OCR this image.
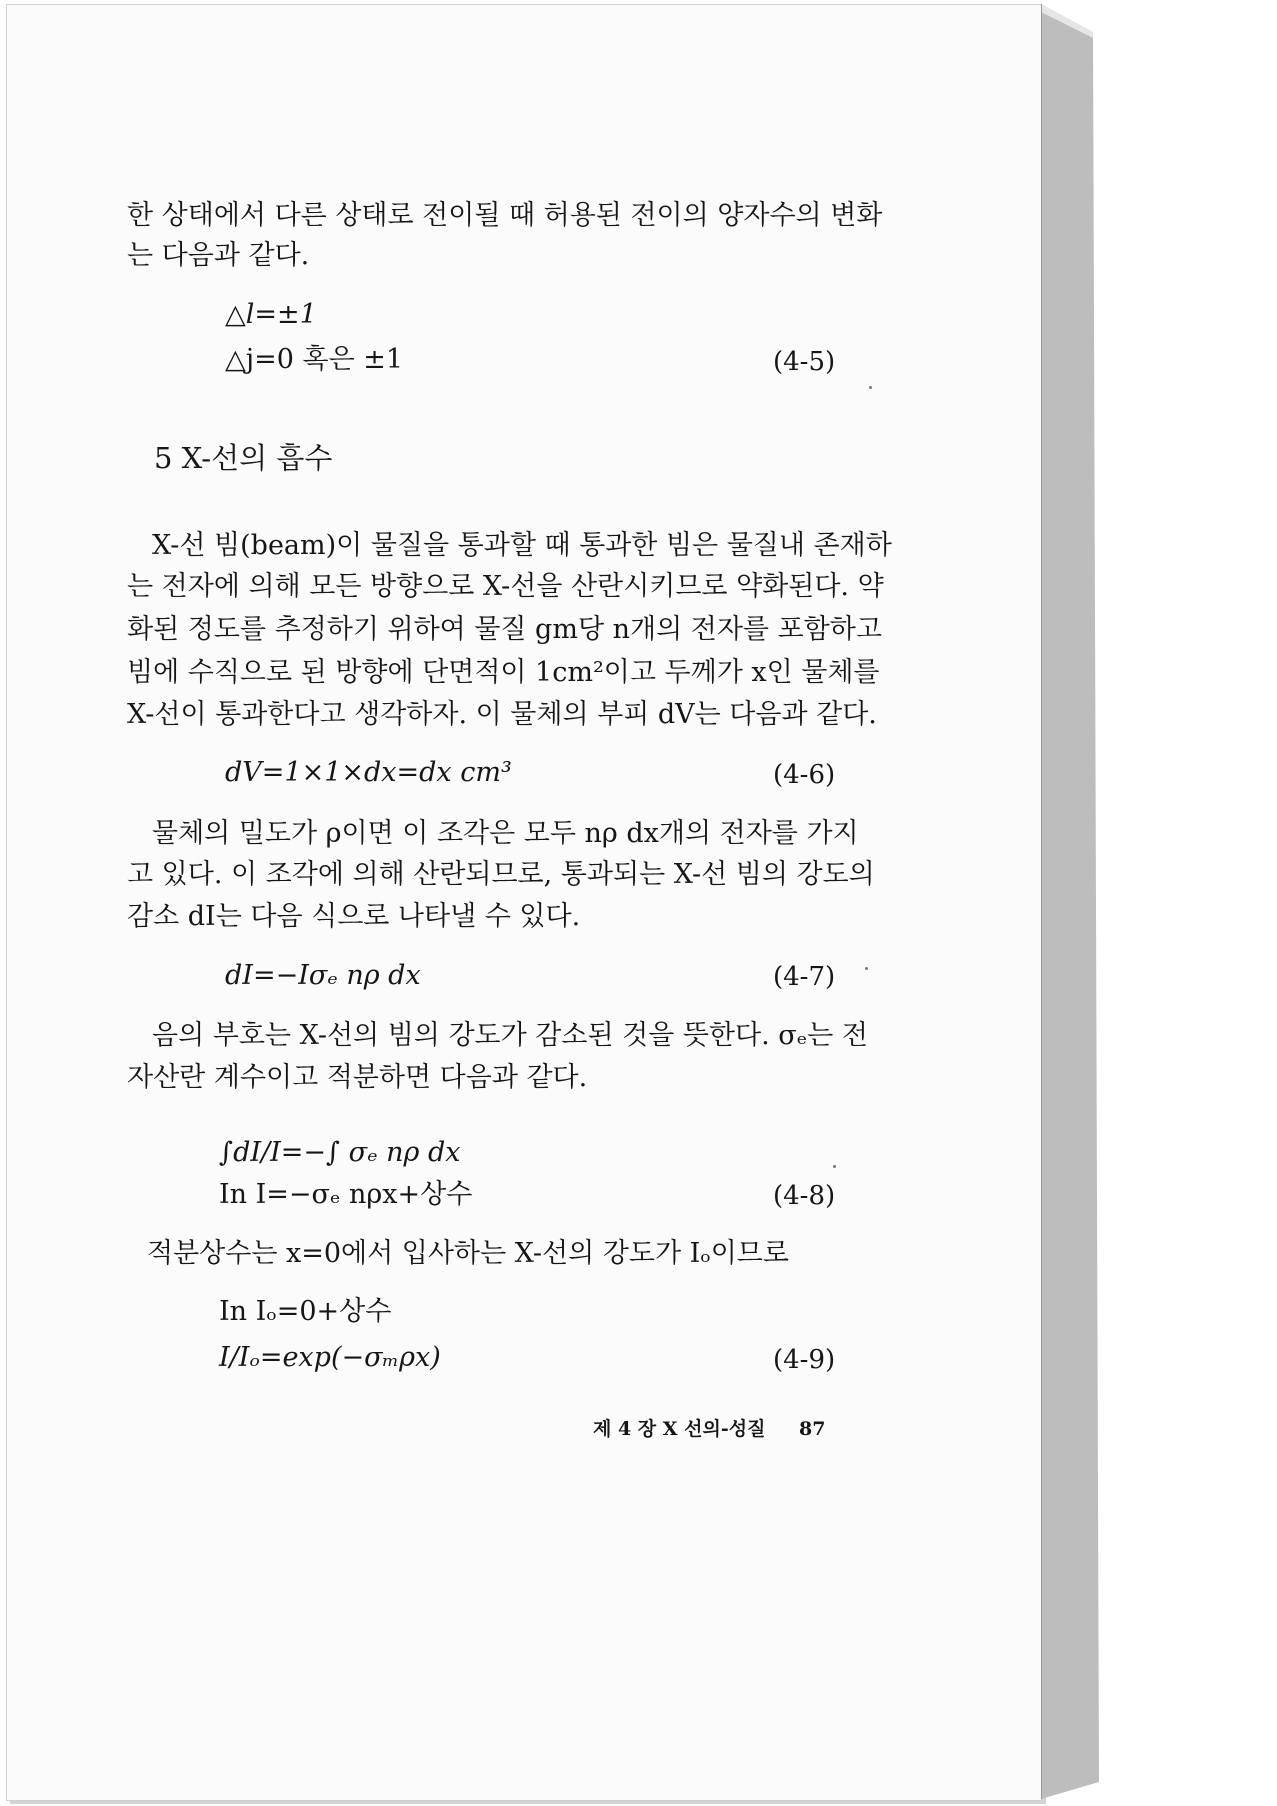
한 상태에서 다른 상태로 전이될 때 허용된 전이의 양자수의 변화
는 다음과 같다.
△l=±1
△j=0 혹은 ±1	(4-5)
5 X-선의 흡수
X-선 빔(beam)이 물질을 통과할 때 통과한 빔은 물질내 존재하
는 전자에 의해 모든 방향으로 X-선을 산란시키므로 약화된다. 약
화된 정도를 추정하기 위하여 물질 gm당 n개의 전자를 포함하고
빔에 수직으로 된 방향에 단면적이 1cm²이고 두께가 x인 물체를
X-선이 통과한다고 생각하자. 이 물체의 부피 dV는 다음과 같다.
dV=1×1×dx=dx cm³	(4-6)
물체의 밀도가 ρ이면 이 조각은 모두 nρ dx개의 전자를 가지
고 있다. 이 조각에 의해 산란되므로, 통과되는 X-선 빔의 강도의
감소 dI는 다음 식으로 나타낼 수 있다.
dI=−Iσₑ nρ dx	(4-7)
음의 부호는 X-선의 빔의 강도가 감소된 것을 뜻한다. σₑ는 전
자산란 계수이고 적분하면 다음과 같다.
∫dI/I=−∫ σₑ nρ dx
In I=−σₑ nρx+상수	(4-8)
적분상수는 x=0에서 입사하는 X-선의 강도가 Iₒ이므로
In Iₒ=0+상수
I/Iₒ=exp(−σₘρx)	(4-9)
제 4 장 X 선의-성질 87
